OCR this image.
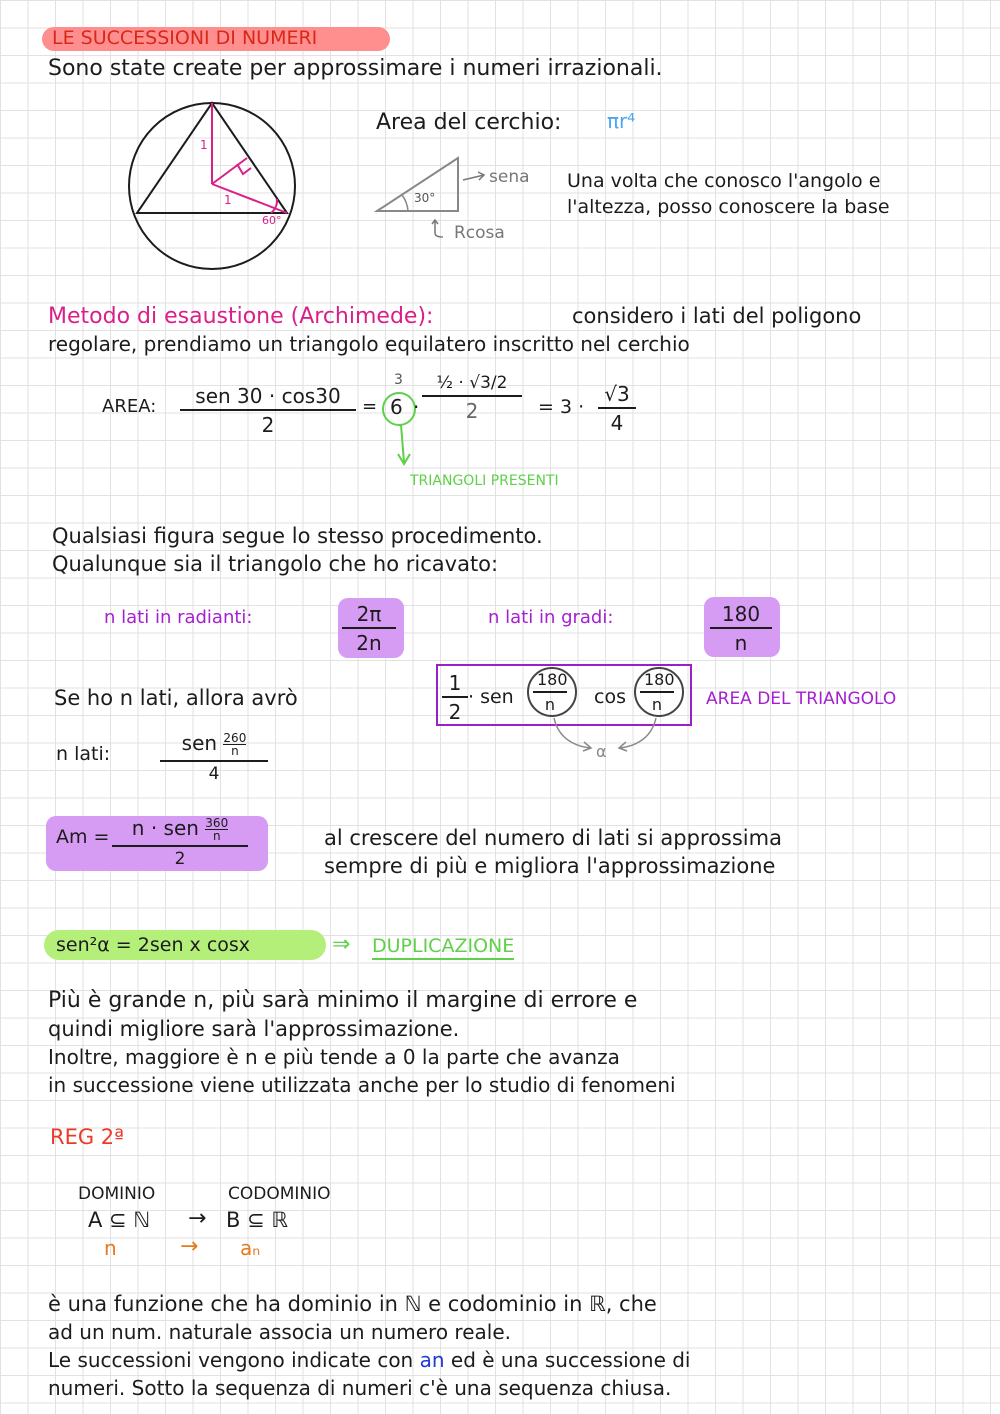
LE SUCCESSIONI DI NUMERI
Sono state create per approssimare i numeri irrazionali.
1
1
60°
Area del cerchio: πr⁴
30°
sena
Rcosa
Una volta che conosco l'angolo e l'altezza, posso conoscere la base
Metodo di esaustione (Archimede):	considero i lati del poligono
regolare, prendiamo un triangolo equilatero inscritto nel cerchio
AREA:	sen 30 · cos30
2
=
3
6 ·
½ · √3/2
2	= $3 \cdot \frac{√3}{4}$
TRIANGOLI PRESENTI
Qualsiasi figura segue lo stesso procedimento.
Qualunque sia il triangolo che ho ricavato:
n lati in radianti:	$\frac{2\pi}{2n}$	n lati in gradi:	$\frac{180}{n}$
Se ho n lati, allora avrò	$\frac{1}{2}$ · sen $\frac{180}{n}$ $\cos \frac{180}{n}$
α
AREA DEL TRIANGOLO
n lati:	sen $\frac{260}{n}$
4
Am =	n · sen $\frac{360}{n}$
2
al crescere del numero di lati si approssima
sempre di più e migliora l'approssimazione
sen²α = 2sen x cosx	⇒ DUPLICAZIONE
Più è grande n, più sarà minimo il margine di errore e
quindi migliore sarà l'approssimazione.
Inoltre, maggiore è n e più tende a 0 la parte che avanza
in successione viene utilizzata anche per lo studio di fenomeni
REG 2ª
DOMINIO	CODOMINIO
A ⊆ ℕ → B ⊆ ℝ
n	→ aₙ
è una funzione che ha dominio in ℕ e codominio in ℝ, che
ad un num. naturale associa un numero reale.
Le successioni vengono indicate con an ed è una successione di
numeri. Sotto la sequenza di numeri c'è una sequenza chiusa.
